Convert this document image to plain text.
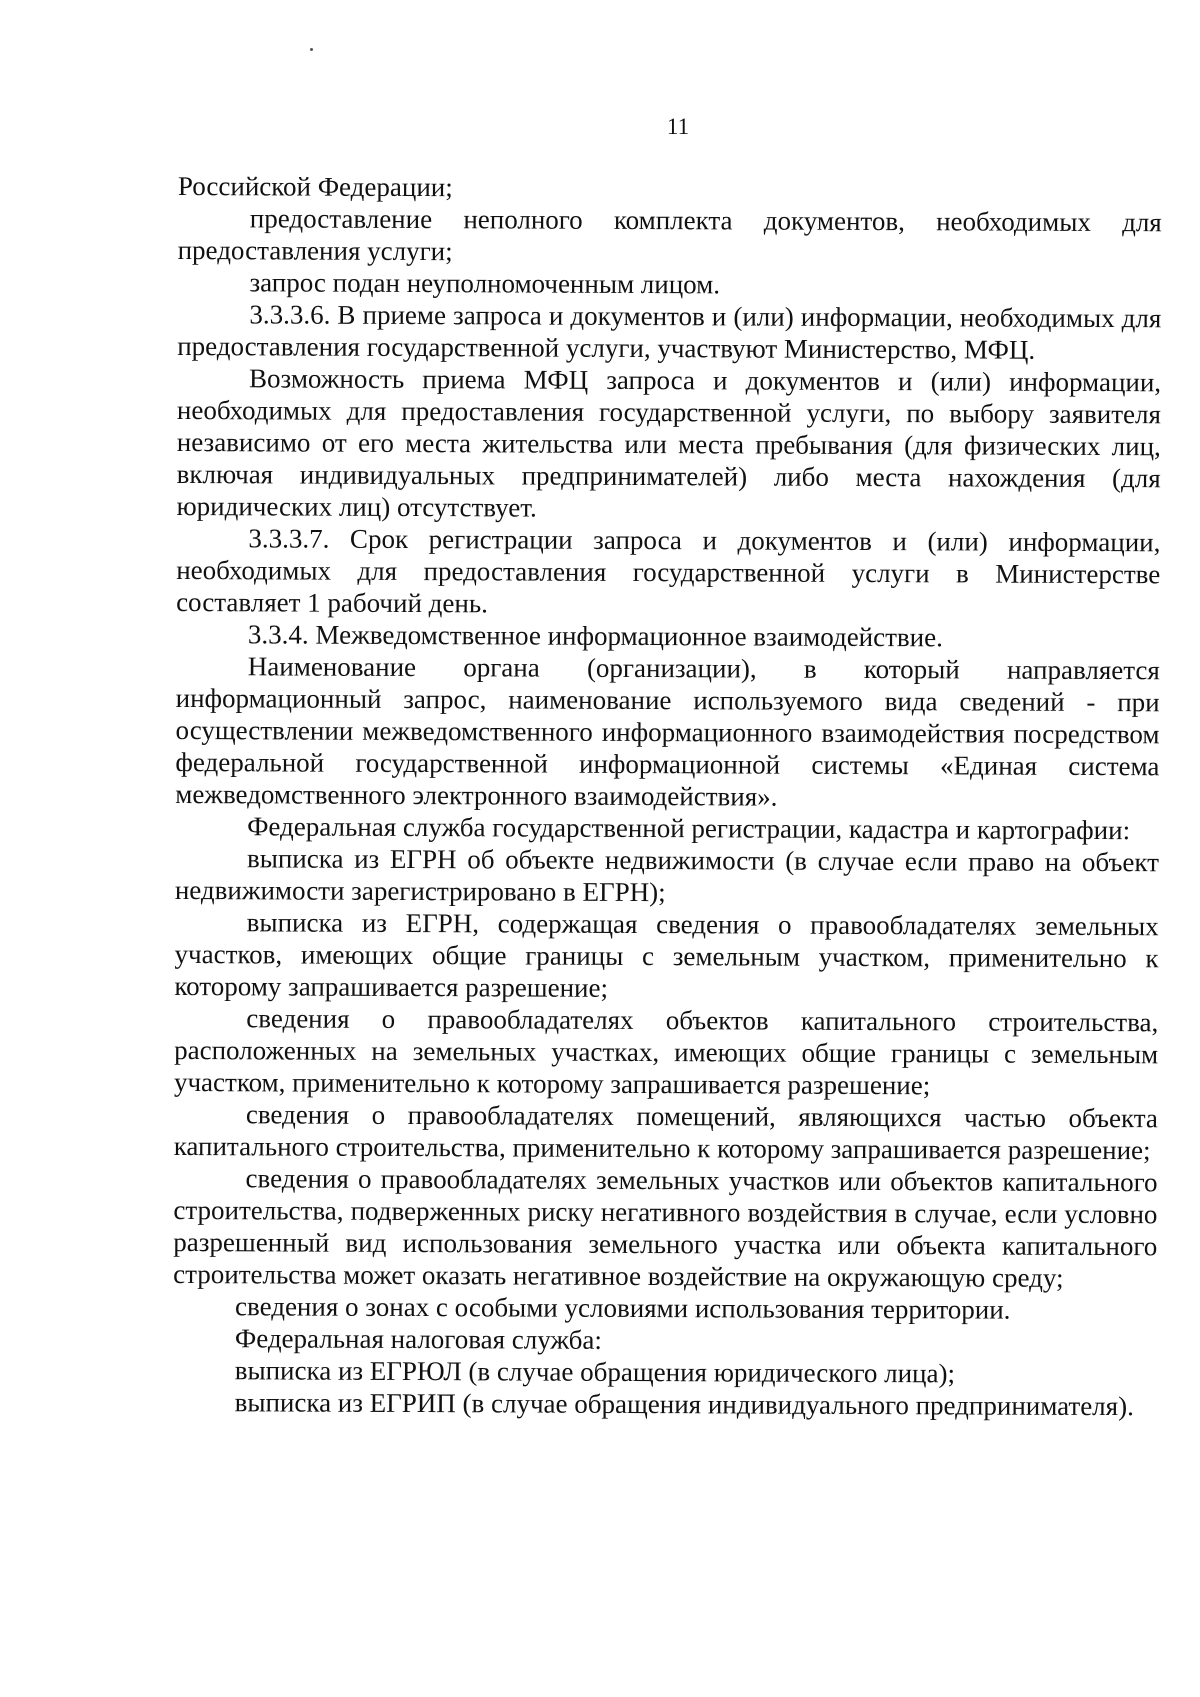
11

Российской Федерации;

предоставление неполного комплекта документов, необходимых для предоставления услуги;

запрос подан неуполномоченным лицом.

3.3.3.6. В приеме запроса и документов и (или) информации, необходимых для предоставления государственной услуги, участвуют Министерство, МФЦ.

Возможность приема МФЦ запроса и документов и (или) информации, необходимых для предоставления государственной услуги, по выбору заявителя независимо от его места жительства или места пребывания (для физических лиц, включая индивидуальных предпринимателей) либо места нахождения (для юридических лиц) отсутствует.

3.3.3.7. Срок регистрации запроса и документов и (или) информации, необходимых для предоставления государственной услуги в Министерстве составляет 1 рабочий день.

3.3.4. Межведомственное информационное взаимодействие.

Наименование органа (организации), в который направляется информационный запрос, наименование используемого вида сведений - при осуществлении межведомственного информационного взаимодействия посредством федеральной государственной информационной системы «Единая система межведомственного электронного взаимодействия».

Федеральная служба государственной регистрации, кадастра и картографии:

выписка из ЕГРН об объекте недвижимости (в случае если право на объект недвижимости зарегистрировано в ЕГРН);

выписка из ЕГРН, содержащая сведения о правообладателях земельных участков, имеющих общие границы с земельным участком, применительно к которому запрашивается разрешение;

сведения о правообладателях объектов капитального строительства, расположенных на земельных участках, имеющих общие границы с земельным участком, применительно к которому запрашивается разрешение;

сведения о правообладателях помещений, являющихся частью объекта капитального строительства, применительно к которому запрашивается разрешение;

сведения о правообладателях земельных участков или объектов капитального строительства, подверженных риску негативного воздействия в случае, если условно разрешенный вид использования земельного участка или объекта капитального строительства может оказать негативное воздействие на окружающую среду;

сведения о зонах с особыми условиями использования территории.

Федеральная налоговая служба:

выписка из ЕГРЮЛ (в случае обращения юридического лица);

выписка из ЕГРИП (в случае обращения индивидуального предпринимателя).
